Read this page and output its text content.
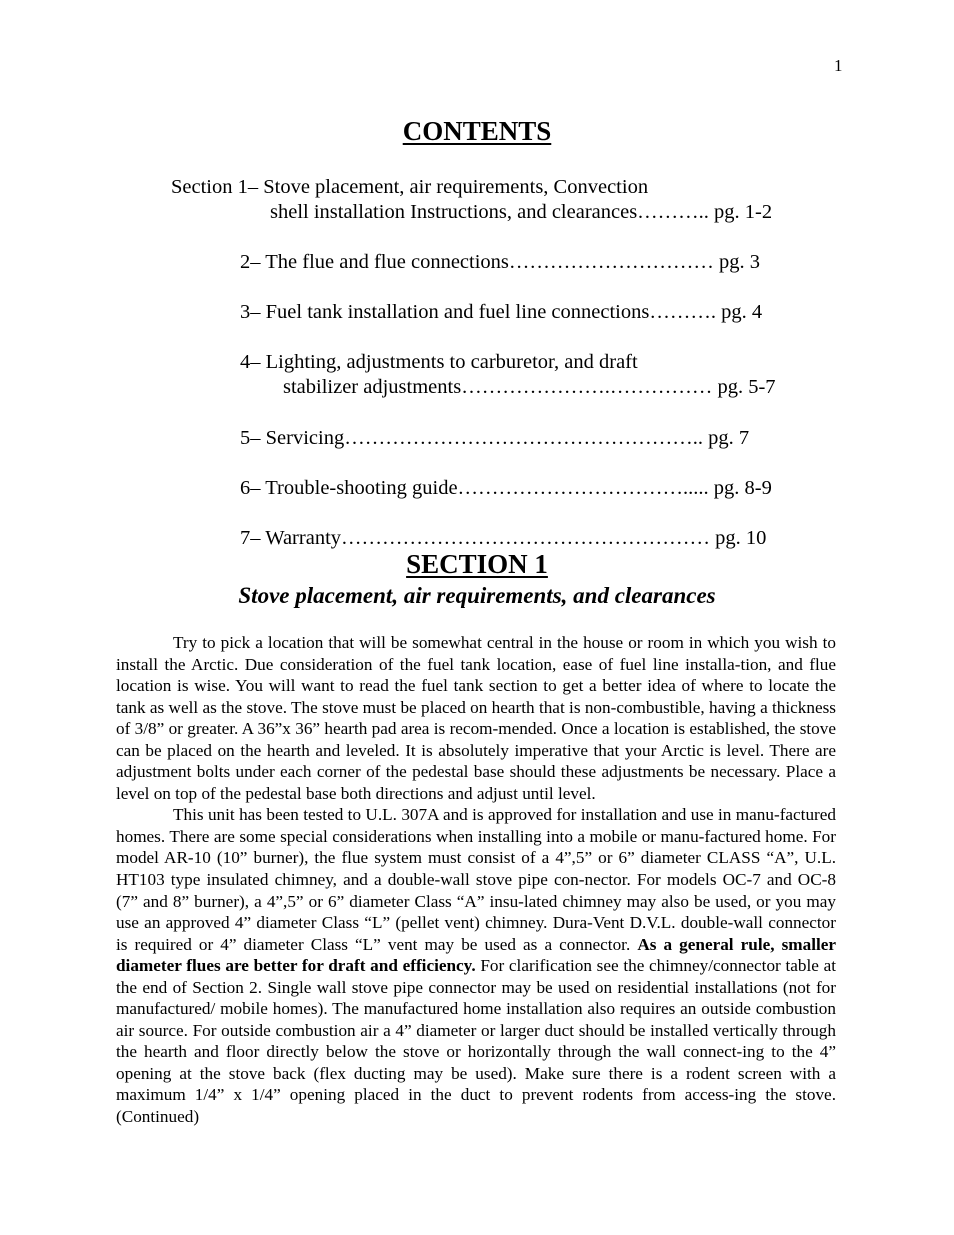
1
CONTENTS
Section 1– Stove placement, air requirements, Convection
shell installation Instructions, and clearances……….. pg. 1-2
2– The flue and flue connections………………………… pg. 3
3– Fuel tank installation and fuel line connections………. pg. 4
4– Lighting, adjustments to carburetor, and draft
stabilizer adjustments………………….…………… pg. 5-7
5– Servicing…………………………………………….. pg. 7
6– Trouble-shooting guide……………………………..... pg. 8-9
7– Warranty……………………………………………… pg. 10
SECTION 1
Stove placement, air requirements, and clearances

Try to pick a location that will be somewhat central in the house or room in which you wish to install the Arctic. Due consideration of the fuel tank location, ease of fuel line installa-tion, and flue location is wise. You will want to read the fuel tank section to get a better idea of where to locate the tank as well as the stove. The stove must be placed on hearth that is non-combustible, having a thickness of 3/8” or greater. A 36”x 36” hearth pad area is recom-mended. Once a location is established, the stove can be placed on the hearth and leveled. It is absolutely imperative that your Arctic is level. There are adjustment bolts under each corner of the pedestal base should these adjustments be necessary. Place a level on top of the pedestal base both directions and adjust until level.

This unit has been tested to U.L. 307A and is approved for installation and use in manu-factured homes. There are some special considerations when installing into a mobile or manu-factured home. For model AR-10 (10” burner), the flue system must consist of a 4”,5” or 6” diameter CLASS “A”, U.L. HT103 type insulated chimney, and a double-wall stove pipe con-nector. For models OC-7 and OC-8 (7” and 8” burner), a 4”,5” or 6” diameter Class “A” insu-lated chimney may also be used, or you may use an approved 4” diameter Class “L” (pellet vent) chimney. Dura-Vent D.V.L. double-wall connector is required or 4” diameter Class “L” vent may be used as a connector. As a general rule, smaller diameter flues are better for draft and efficiency. For clarification see the chimney/connector table at the end of Section 2. Single wall stove pipe connector may be used on residential installations (not for manufactured/ mobile homes). The manufactured home installation also requires an outside combustion air source. For outside combustion air a 4” diameter or larger duct should be installed vertically through the hearth and floor directly below the stove or horizontally through the wall connect-ing to the 4” opening at the stove back (flex ducting may be used). Make sure there is a rodent screen with a maximum 1/4” x 1/4” opening placed in the duct to prevent rodents from access-ing the stove. (Continued)
